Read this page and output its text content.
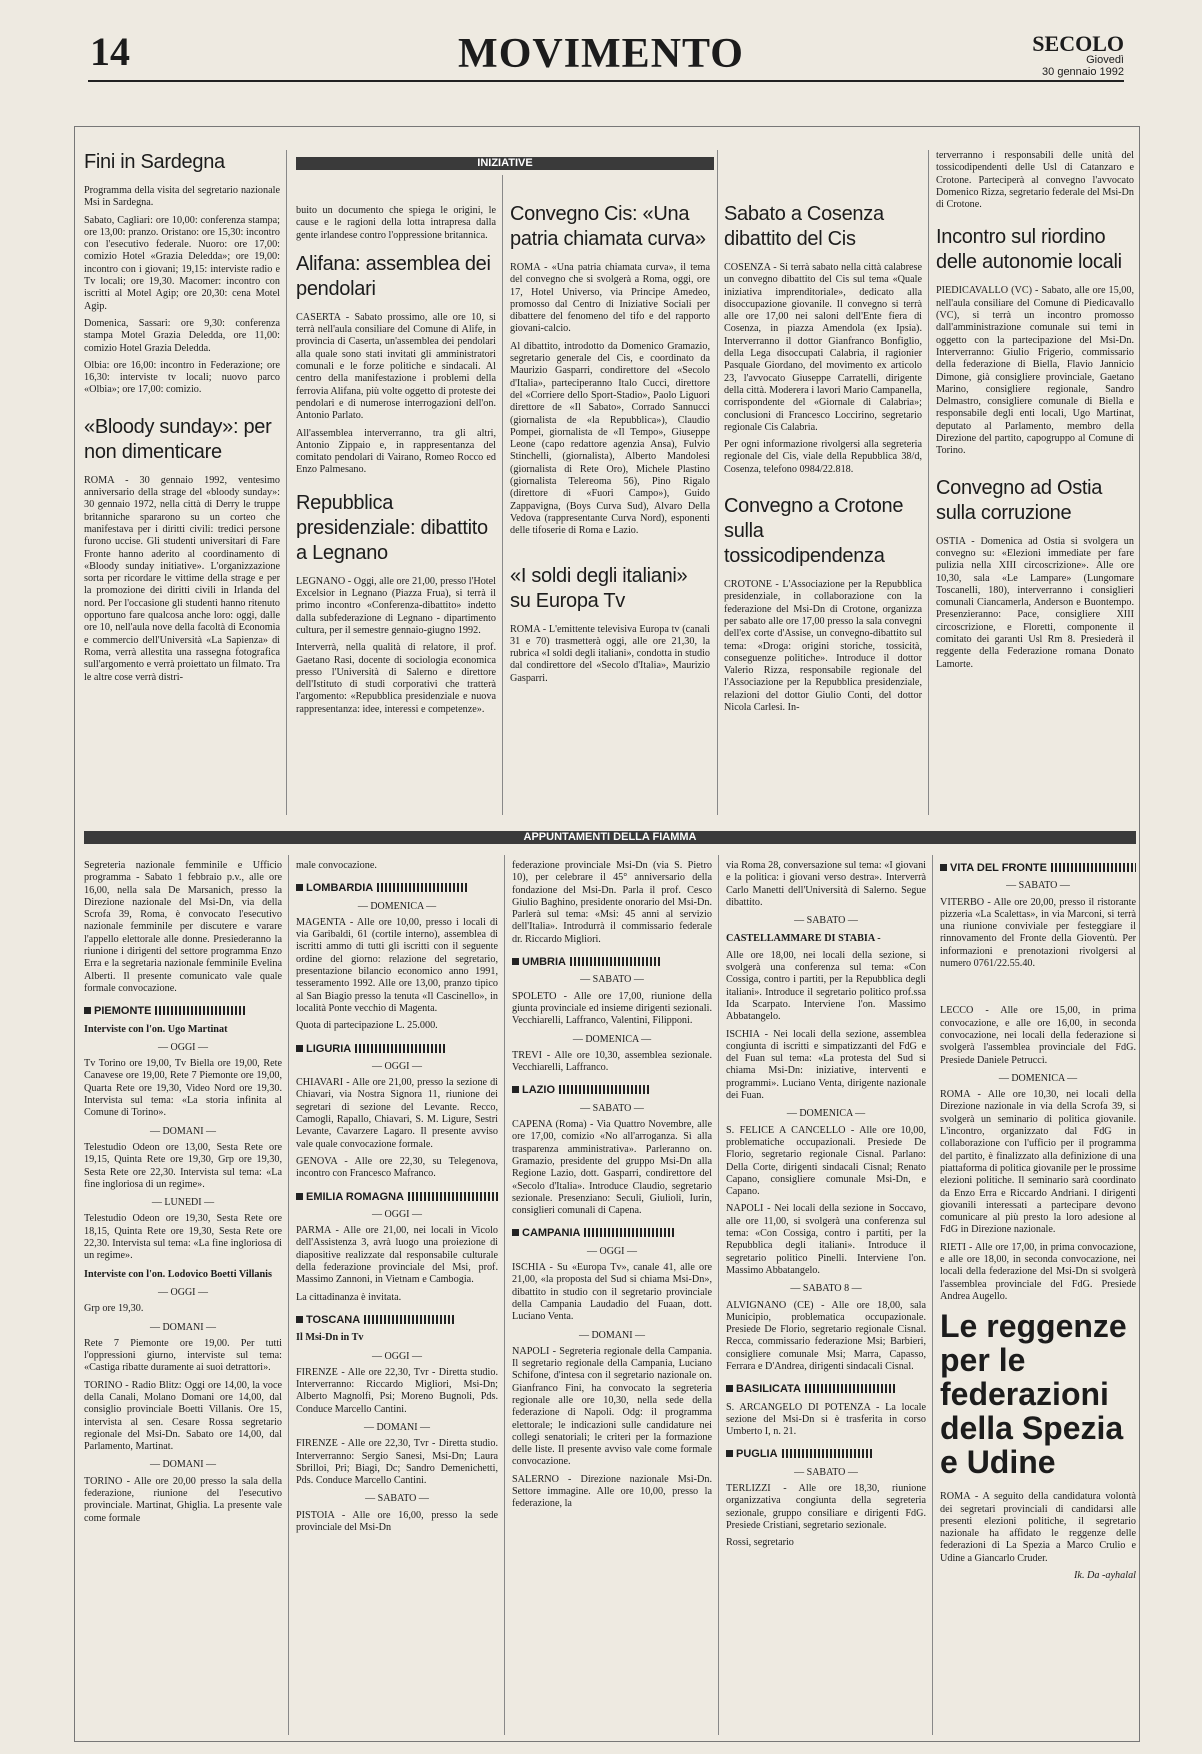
14	MOVIMENTO	SECOLO
Giovedì
30 gennaio 1992
INIZIATIVE
APPUNTAMENTI DELLA FIAMMA
Fini in Sardegna

Programma della visita del segretario nazionale Msi in Sardegna.

Sabato, Cagliari: ore 10,00: conferenza stampa; ore 13,00: pranzo. Oristano: ore 15,30: incontro con l'esecutivo federale. Nuoro: ore 17,00: comizio Hotel «Grazia Deledda»; ore 19,00: incontro con i giovani; 19,15: interviste radio e Tv locali; ore 19,30. Macomer: incontro con iscritti al Motel Agip; ore 20,30: cena Motel Agip.

Domenica, Sassari: ore 9,30: conferenza stampa Motel Grazia Deledda, ore 11,00: comizio Hotel Grazia Deledda.

Olbia: ore 16,00: incontro in Federazione; ore 16,30: interviste tv locali; nuovo parco «Olbia»; ore 17,00: comizio.

«Bloody sunday»: per non dimenticare

ROMA - 30 gennaio 1992, ventesimo anniversario della strage del «bloody sunday»: 30 gennaio 1972, nella città di Derry le truppe britanniche spararono su un corteo che manifestava per i diritti civili: tredici persone furono uccise. Gli studenti universitari di Fare Fronte hanno aderito al coordinamento di «Bloody sunday initiative». L'organizzazione sorta per ricordare le vittime della strage e per la promozione dei diritti civili in Irlanda del nord. Per l'occasione gli studenti hanno ritenuto opportuno fare qualcosa anche loro: oggi, dalle ore 10, nell'aula nove della facoltà di Economia e commercio dell'Università «La Sapienza» di Roma, verrà allestita una rassegna fotografica sull'argomento e verrà proiettato un filmato. Tra le altre cose verrà distri-

buito un documento che spiega le origini, le cause e le ragioni della lotta intrapresa dalla gente irlandese contro l'oppressione britannica.

Alifana: assemblea dei pendolari

CASERTA - Sabato prossimo, alle ore 10, si terrà nell'aula consiliare del Comune di Alife, in provincia di Caserta, un'assemblea dei pendolari alla quale sono stati invitati gli amministratori comunali e le forze politiche e sindacali. Al centro della manifestazione i problemi della ferrovia Alifana, più volte oggetto di proteste dei pendolari e di numerose interrogazioni dell'on. Antonio Parlato.

All'assemblea interverranno, tra gli altri, Antonio Zippaio e, in rappresentanza del comitato pendolari di Vairano, Romeo Rocco ed Enzo Palmesano.

Repubblica presidenziale: dibattito a Legnano

LEGNANO - Oggi, alle ore 21,00, presso l'Hotel Excelsior in Legnano (Piazza Frua), si terrà il primo incontro «Conferenza-dibattito» indetto dalla subfederazione di Legnano - dipartimento cultura, per il semestre gennaio-giugno 1992.

Interverrà, nella qualità di relatore, il prof. Gaetano Rasi, docente di sociologia economica presso l'Università di Salerno e direttore dell'Istituto di studi corporativi che tratterà l'argomento: «Repubblica presidenziale e nuova rappresentanza: idee, interessi e competenze».

Convegno Cis: «Una patria chiamata curva»

ROMA - «Una patria chiamata curva», il tema del convegno che si svolgerà a Roma, oggi, ore 17, Hotel Universo, via Principe Amedeo, promosso dal Centro di Iniziative Sociali per dibattere del fenomeno del tifo e del rapporto giovani-calcio.

Al dibattito, introdotto da Domenico Gramazio, segretario generale del Cis, e coordinato da Maurizio Gasparri, condirettore del «Secolo d'Italia», parteciperanno Italo Cucci, direttore del «Corriere dello Sport-Stadio», Paolo Liguori direttore de «Il Sabato», Corrado Sannucci (giornalista de «la Repubblica»), Claudio Pompei, giornalista de «Il Tempo», Giuseppe Leone (capo redattore agenzia Ansa), Fulvio Stinchelli, (giornalista), Alberto Mandolesi (giornalista di Rete Oro), Michele Plastino (giornalista Telereoma 56), Pino Rigalo (direttore di «Fuori Campo»), Guido Zappavigna, (Boys Curva Sud), Alvaro Della Vedova (rappresentante Curva Nord), esponenti delle tifoserie di Roma e Lazio.

«I soldi degli italiani» su Europa Tv

ROMA - L'emittente televisiva Europa tv (canali 31 e 70) trasmetterà oggi, alle ore 21,30, la rubrica «I soldi degli italiani», condotta in studio dal condirettore del «Secolo d'Italia», Maurizio Gasparri.

Sabato a Cosenza dibattito del Cis

COSENZA - Si terrà sabato nella città calabrese un convegno dibattito del Cis sul tema «Quale iniziativa imprenditoriale», dedicato alla disoccupazione giovanile. Il convegno si terrà alle ore 17,00 nei saloni dell'Ente fiera di Cosenza, in piazza Amendola (ex Ipsia). Interverranno il dottor Gianfranco Bonfiglio, della Lega disoccupati Calabria, il ragionier Pasquale Giordano, del movimento ex articolo 23, l'avvocato Giuseppe Carratelli, dirigente della città. Moderera i lavori Mario Campanella, corrispondente del «Giornale di Calabria»; conclusioni di Francesco Loccirino, segretario regionale Cis Calabria.

Per ogni informazione rivolgersi alla segreteria regionale del Cis, viale della Repubblica 38/d, Cosenza, telefono 0984/22.818.

Convegno a Crotone sulla tossicodipendenza

CROTONE - L'Associazione per la Repubblica presidenziale, in collaborazione con la federazione del Msi-Dn di Crotone, organizza per sabato alle ore 17,00 presso la sala convegni dell'ex corte d'Assise, un convegno-dibattito sul tema: «Droga: origini storiche, tossicità, conseguenze politiche». Introduce il dottor Valerio Rizza, responsabile regionale del l'Associazione per la Repubblica presidenziale, relazioni del dottor Giulio Conti, del dottor Nicola Carlesi. In-

terverranno i responsabili delle unità del tossicodipendenti delle Usl di Catanzaro e Crotone. Parteciperà al convegno l'avvocato Domenico Rizza, segretario federale del Msi-Dn di Crotone.

Incontro sul riordino delle autonomie locali

PIEDICAVALLO (VC) - Sabato, alle ore 15,00, nell'aula consiliare del Comune di Piedicavallo (VC), si terrà un incontro promosso dall'amministrazione comunale sui temi in oggetto con la partecipazione del Msi-Dn. Interverranno: Giulio Frigerio, commissario della federazione di Biella, Flavio Jannicio Dimone, già consigliere provinciale, Gaetano Marino, consigliere regionale, Sandro Delmastro, consigliere comunale di Biella e responsabile degli enti locali, Ugo Martinat, deputato al Parlamento, membro della Direzione del partito, capogruppo al Comune di Torino.

Convegno ad Ostia sulla corruzione

OSTIA - Domenica ad Ostia si svolgera un convegno su: «Elezioni immediate per fare pulizia nella XIII circoscrizione». Alle ore 10,30, sala «Le Lampare» (Lungomare Toscanelli, 180), interverranno i consiglieri comunali Ciancamerla, Anderson e Buontempo. Presenzieranno: Pace, consigliere XIII circoscrizione, e Floretti, componente il comitato dei garanti Usl Rm 8. Presiederà il reggente della Federazione romana Donato Lamorte.

Segreteria nazionale femminile e Ufficio programma - Sabato 1 febbraio p.v., alle ore 16,00, nella sala De Marsanich, presso la Direzione nazionale del Msi-Dn, via della Scrofa 39, Roma, è convocato l'esecutivo nazionale femminile per discutere e varare l'appello elettorale alle donne. Presiederanno la riunione i dirigenti del settore programma Enzo Erra e la segretaria nazionale femminile Evelina Alberti. Il presente comunicato vale quale formale convocazione.

PIEMONTE
Interviste con l'on. Ugo Martinat
— OGGI —

Tv Torino ore 19,00, Tv Biella ore 19,00, Rete Canavese ore 19,00, Rete 7 Piemonte ore 19,00, Quarta Rete ore 19,30, Video Nord ore 19,30. Intervista sul tema: «La storia infinita al Comune di Torino».

— DOMANI —

Telestudio Odeon ore 13,00, Sesta Rete ore 19,15, Quinta Rete ore 19,30, Grp ore 19,30, Sesta Rete ore 22,30. Intervista sul tema: «La fine ingloriosa di un regime».

— LUNEDI —

Telestudio Odeon ore 19,30, Sesta Rete ore 18,15, Quinta Rete ore 19,30, Sesta Rete ore 22,30. Intervista sul tema: «La fine ingloriosa di un regime».

Interviste con l'on. Lodovico Boetti Villanis
— OGGI —

Grp ore 19,30.

— DOMANI —

Rete 7 Piemonte ore 19,00. Per tutti l'oppressioni giurno, interviste sul tema: «Castiga ribatte duramente ai suoi detrattori».

TORINO - Radio Blitz: Oggi ore 14,00, la voce della Canali, Molano Domani ore 14,00, dal consiglio provinciale Boetti Villanis. Ore 15, intervista al sen. Cesare Rossa segretario regionale del Msi-Dn. Sabato ore 14,00, dal Parlamento, Martinat.

— DOMANI —

TORINO - Alle ore 20,00 presso la sala della federazione, riunione del l'esecutivo provinciale. Martinat, Ghiglia. La presente vale come formale

male convocazione.

LOMBARDIA
— DOMENICA —

MAGENTA - Alle ore 10,00, presso i locali di via Garibaldi, 61 (cortile interno), assemblea di iscritti ammo di tutti gli iscritti con il seguente ordine del giorno: relazione del segretario, presentazione bilancio economico anno 1991, tesseramento 1992. Alle ore 13,00, pranzo tipico al San Biagio presso la tenuta «Il Cascinello», in località Ponte vecchio di Magenta.

Quota di partecipazione L. 25.000.

LIGURIA
— OGGI —

CHIAVARI - Alle ore 21,00, presso la sezione di Chiavari, via Nostra Signora 11, riunione dei segretari di sezione del Levante. Recco, Camogli, Rapallo, Chiavari, S. M. Ligure, Sestri Levante, Cavarzere Lagaro. Il presente avviso vale quale convocazione formale.

GENOVA - Alle ore 22,30, su Telegenova, incontro con Francesco Mafranco.

EMILIA ROMAGNA
— OGGI —

PARMA - Alle ore 21,00, nei locali in Vicolo dell'Assistenza 3, avrà luogo una proiezione di diapositive realizzate dal responsabile culturale della federazione provinciale del Msi, prof. Massimo Zannoni, in Vietnam e Cambogia.

La cittadinanza è invitata.

TOSCANA
Il Msi-Dn in Tv
— OGGI —

FIRENZE - Alle ore 22,30, Tvr - Diretta studio. Interverranno: Riccardo Migliori, Msi-Dn; Alberto Magnolfi, Psi; Moreno Bugnoli, Pds. Conduce Marcello Cantini.

— DOMANI —

FIRENZE - Alle ore 22,30, Tvr - Diretta studio. Interverranno: Sergio Sanesi, Msi-Dn; Laura Sbrilloi, Pri; Biagi, Dc; Sandro Demenichetti, Pds. Conduce Marcello Cantini.

— SABATO —

PISTOIA - Alle ore 16,00, presso la sede provinciale del Msi-Dn

federazione provinciale Msi-Dn (via S. Pietro 10), per celebrare il 45° anniversario della fondazione del Msi-Dn. Parla il prof. Cesco Giulio Baghino, presidente onorario del Msi-Dn. Parlerà sul tema: «Msi: 45 anni al servizio dell'Italia». Introdurrà il commissario federale dr. Riccardo Migliori.

UMBRIA
— SABATO —

SPOLETO - Alle ore 17,00, riunione della giunta provinciale ed insieme dirigenti sezionali. Vecchiarelli, Laffranco, Valentini, Filipponi.

— DOMENICA —

TREVI - Alle ore 10,30, assemblea sezionale. Vecchiarelli, Laffranco.

LAZIO
— SABATO —

CAPENA (Roma) - Via Quattro Novembre, alle ore 17,00, comizio «No all'arroganza. Sì alla trasparenza amministrativa». Parleranno on. Gramazio, presidente del gruppo Msi-Dn alla Regione Lazio, dott. Gasparri, condirettore del «Secolo d'Italia». Introduce Claudio, segretario sezionale. Presenziano: Seculi, Giulioli, Iurin, consiglieri comunali di Capena.

CAMPANIA
— OGGI —

ISCHIA - Su «Europa Tv», canale 41, alle ore 21,00, «la proposta del Sud si chiama Msi-Dn», dibattito in studio con il segretario provinciale della Campania Laudadio del Fuaan, dott. Luciano Venta.

— DOMANI —

NAPOLI - Segreteria regionale della Campania. Il segretario regionale della Campania, Luciano Schifone, d'intesa con il segretario nazionale on. Gianfranco Fini, ha convocato la segreteria regionale alle ore 10,30, nella sede della federazione di Napoli. Odg: il programma elettorale; le indicazioni sulle candidature nei collegi senatoriali; le criteri per la formazione delle liste. Il presente avviso vale come formale convocazione.

SALERNO - Direzione nazionale Msi-Dn. Settore immagine. Alle ore 10,00, presso la federazione, la

via Roma 28, conversazione sul tema: «I giovani e la politica: i giovani verso destra». Interverrà Carlo Manetti dell'Università di Salerno. Segue dibattito.

— SABATO —
CASTELLAMMARE DI STABIA -

Alle ore 18,00, nei locali della sezione, si svolgerà una conferenza sul tema: «Con Cossiga, contro i partiti, per la Repubblica degli italiani». Introduce il segretario politico prof.ssa Ida Scarpato. Interviene l'on. Massimo Abbatangelo.

ISCHIA - Nei locali della sezione, assemblea congiunta di iscritti e simpatizzanti del FdG e del Fuan sul tema: «La protesta del Sud si chiama Msi-Dn: iniziative, interventi e programmi». Luciano Venta, dirigente nazionale dei Fuan.

— DOMENICA —

S. FELICE A CANCELLO - Alle ore 10,00, problematiche occupazionali. Presiede De Florio, segretario regionale Cisnal. Parlano: Della Corte, dirigenti sindacali Cisnal; Renato Capano, consigliere comunale Msi-Dn, e Capano.

NAPOLI - Nei locali della sezione in Soccavo, alle ore 11,00, si svolgerà una conferenza sul tema: «Con Cossiga, contro i partiti, per la Repubblica degli italiani». Introduce il segretario politico Pinelli. Interviene l'on. Massimo Abbatangelo.

— SABATO 8 —

ALVIGNANO (CE) - Alle ore 18,00, sala Municipio, problematica occupazionale. Presiede De Florio, segretario regionale Cisnal. Recca, commissario federazione Msi; Barbieri, consigliere comunale Msi; Marra, Capasso, Ferrara e D'Andrea, dirigenti sindacali Cisnal.

BASILICATA

S. ARCANGELO DI POTENZA - La locale sezione del Msi-Dn si è trasferita in corso Umberto I, n. 21.

PUGLIA
— SABATO —

TERLIZZI - Alle ore 18,30, riunione organizzativa congiunta della segreteria sezionale, gruppo consiliare e dirigenti FdG. Presiede Cristiani, segretario sezionale.

Rossi, segretario

VITA DEL FRONTE
— SABATO —

VITERBO - Alle ore 20,00, presso il ristorante pizzeria «La Scalettas», in via Marconi, si terrà una riunione conviviale per festeggiare il rinnovamento del Fronte della Gioventù. Per informazioni e prenotazioni rivolgersi al numero 0761/22.55.40.

LECCO - Alle ore 15,00, in prima convocazione, e alle ore 16,00, in seconda convocazione, nei locali della federazione si svolgerà l'assemblea provinciale del FdG. Presiede Daniele Petruccì.

— DOMENICA —

ROMA - Alle ore 10,30, nei locali della Direzione nazionale in via della Scrofa 39, si svolgerà un seminario di politica giovanile. L'incontro, organizzato dal FdG in collaborazione con l'ufficio per il programma del partito, è finalizzato alla definizione di una piattaforma di politica giovanile per le prossime elezioni politiche. Il seminario sarà coordinato da Enzo Erra e Riccardo Andriani. I dirigenti giovanili interessati a partecipare devono comunicare al più presto la loro adesione al FdG in Direzione nazionale.

RIETI - Alle ore 17,00, in prima convocazione, e alle ore 18,00, in seconda convocazione, nei locali della federazione del Msi-Dn si svolgerà l'assemblea provinciale del FdG. Presiede Andrea Augello.

Le reggenze per le federazioni della Spezia e Udine

ROMA - A seguito della candidatura volontà dei segretari provinciali di candidarsi alle presenti elezioni politiche, il segretario nazionale ha affidato le reggenze delle federazioni di La Spezia a Marco Crulio e Udine a Giancarlo Cruder.

Ik. Da -ayhalal
